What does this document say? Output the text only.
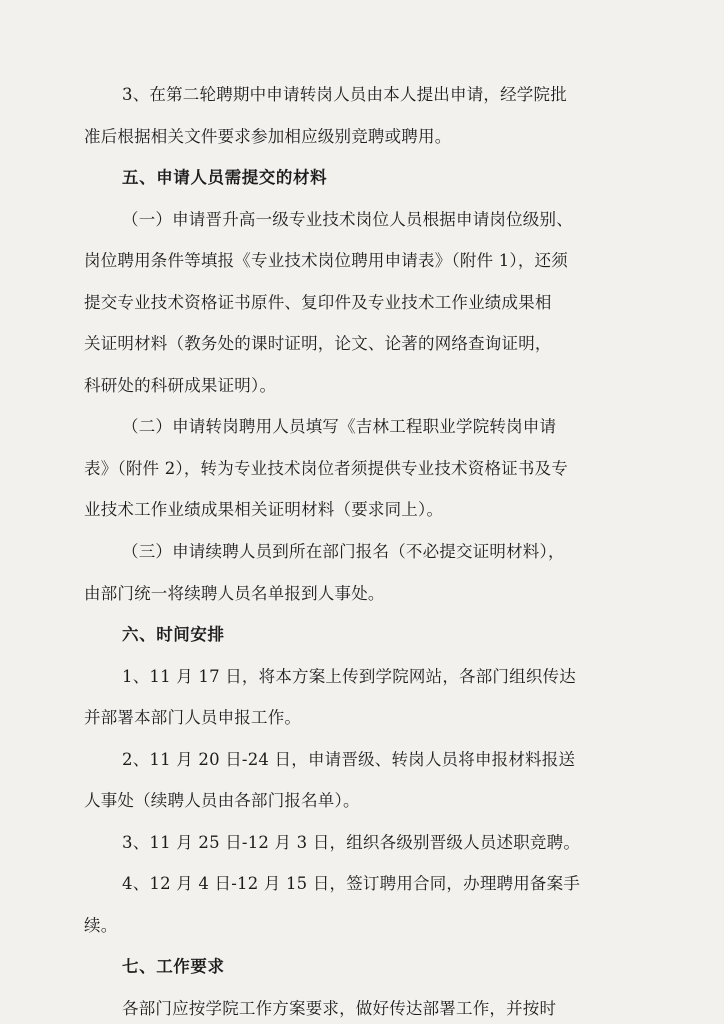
3、在第二轮聘期中申请转岗人员由本人提出申请，经学院批
准后根据相关文件要求参加相应级别竞聘或聘用。
五、申请人员需提交的材料
（一）申请晋升高一级专业技术岗位人员根据申请岗位级别、
岗位聘用条件等填报《专业技术岗位聘用申请表》（附件 1），还须
提交专业技术资格证书原件、复印件及专业技术工作业绩成果相
关证明材料（教务处的课时证明，论文、论著的网络查询证明，
科研处的科研成果证明）。
（二）申请转岗聘用人员填写《吉林工程职业学院转岗申请
表》（附件 2），转为专业技术岗位者须提供专业技术资格证书及专
业技术工作业绩成果相关证明材料（要求同上）。
（三）申请续聘人员到所在部门报名（不必提交证明材料），
由部门统一将续聘人员名单报到人事处。
六、时间安排
1、11 月 17 日，将本方案上传到学院网站，各部门组织传达
并部署本部门人员申报工作。
2、11 月 20 日-24 日，申请晋级、转岗人员将申报材料报送
人事处（续聘人员由各部门报名单）。
3、11 月 25 日-12 月 3 日，组织各级别晋级人员述职竞聘。
4、12 月 4 日-12 月 15 日，签订聘用合同，办理聘用备案手
续。
七、工作要求
各部门应按学院工作方案要求，做好传达部署工作，并按时
